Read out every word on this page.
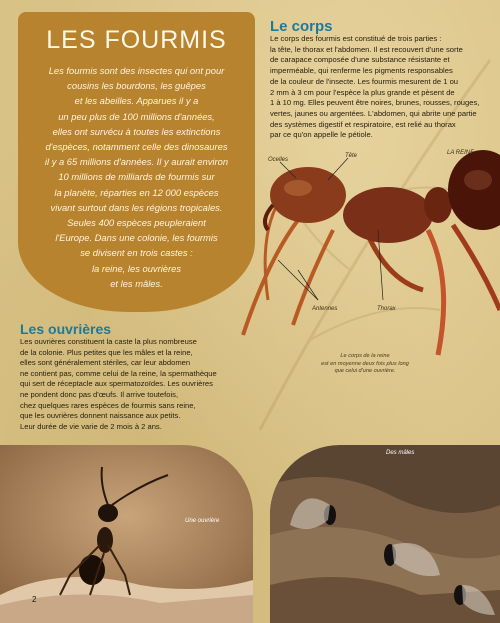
LES FOURMIS
Les fourmis sont des insectes qui ont pour
cousins les bourdons, les guêpes
et les abeilles. Apparues il y a
un peu plus de 100 millions d'années,
elles ont survécu à toutes les extinctions
d'espèces, notamment celle des dinosaures
il y a 65 millions d'années. Il y aurait environ
10 millions de milliards de fourmis sur
la planète, réparties en 12 000 espèces
vivant surtout dans les régions tropicales.
Seules 400 espèces peupleraient
l'Europe. Dans une colonie, les fourmis
se divisent en trois castes :
la reine, les ouvrières
et les mâles.
Le corps
Le corps des fourmis est constitué de trois parties :
la tête, le thorax et l'abdomen. Il est recouvert d'une sorte
de carapace composée d'une substance résistante et
imperméable, qui renferme les pigments responsables
de la couleur de l'insecte. Les fourmis mesurent de 1 ou
2 mm à 3 cm pour l'espèce la plus grande et pèsent de
1 à 10 mg. Elles peuvent être noires, brunes, rousses, rouges,
vertes, jaunes ou argentées. L'abdomen, qui abrite une partie
des systèmes digestif et respiratoire, est relié au thorax
par ce qu'on appelle le pétiole.
Ocelles
Tête	LA REINE
Antennes	Thorax
Le corps de la reine
est en moyenne deux fois plus long
que celui d'une ouvrière.
Les ouvrières
Les ouvrières constituent la caste la plus nombreuse
de la colonie. Plus petites que les mâles et la reine,
elles sont généralement stériles, car leur abdomen
ne contient pas, comme celui de la reine, la spermathèque
qui sert de réceptacle aux spermatozoïdes. Les ouvrières
ne pondent donc pas d'œufs. Il arrive toutefois,
chez quelques rares espèces de fourmis sans reine,
que les ouvrières donnent naissance aux petits.
Leur durée de vie varie de 2 mois à 2 ans.
Une ouvrière
2
Des mâles
